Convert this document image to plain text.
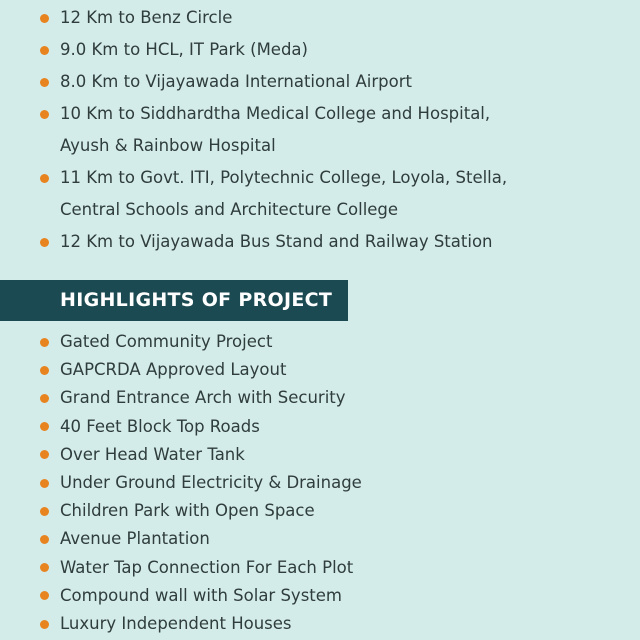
12 Km to Benz Circle
9.0 Km to HCL, IT Park (Meda)
8.0 Km to Vijayawada International Airport
10 Km to Siddhardtha Medical College and Hospital,
Ayush & Rainbow Hospital
11 Km to Govt. ITI, Polytechnic College, Loyola, Stella,
Central Schools and Architecture College
12 Km to Vijayawada Bus Stand and Railway Station
HIGHLIGHTS OF PROJECT
Gated Community Project
GAPCRDA Approved Layout
Grand Entrance Arch with Security
40 Feet Block Top Roads
Over Head Water Tank
Under Ground Electricity & Drainage
Children Park with Open Space
Avenue Plantation
Water Tap Connection For Each Plot
Compound wall with Solar System
Luxury Independent Houses
